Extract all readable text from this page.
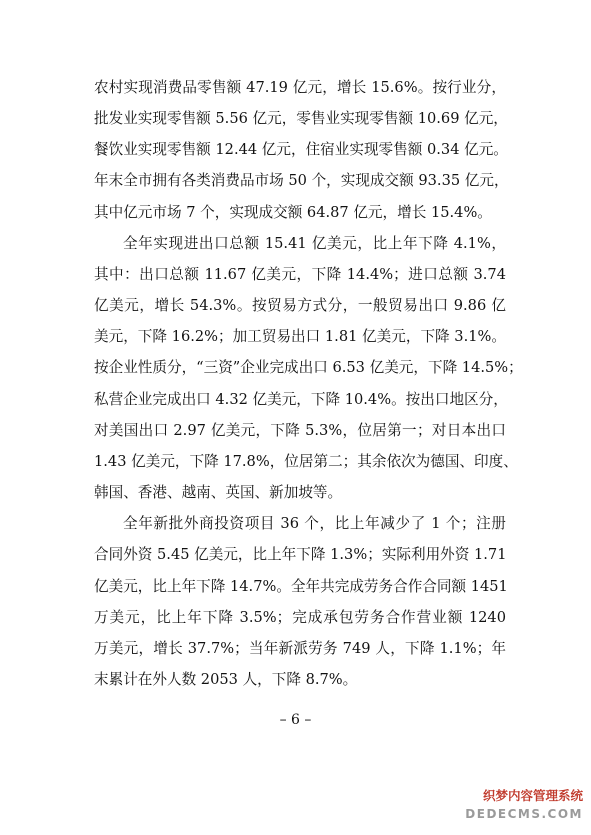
农村实现消费品零售额 47.19 亿元，增长 15.6%。按行业分，
批发业实现零售额 5.56 亿元，零售业实现零售额 10.69 亿元，
餐饮业实现零售额 12.44 亿元，住宿业实现零售额 0.34 亿元。
年末全市拥有各类消费品市场 50 个，实现成交额 93.35 亿元，
其中亿元市场 7 个，实现成交额 64.87 亿元，增长 15.4%。
全年实现进出口总额 15.41 亿美元，比上年下降 4.1%，
其中：出口总额 11.67 亿美元，下降 14.4%；进口总额 3.74
亿美元，增长 54.3%。按贸易方式分，一般贸易出口 9.86 亿
美元，下降 16.2%；加工贸易出口 1.81 亿美元，下降 3.1%。
按企业性质分，“三资”企业完成出口 6.53 亿美元，下降 14.5%；
私营企业完成出口 4.32 亿美元，下降 10.4%。按出口地区分，
对美国出口 2.97 亿美元，下降 5.3%，位居第一；对日本出口
1.43 亿美元，下降 17.8%，位居第二；其余依次为德国、印度、
韩国、香港、越南、英国、新加坡等。
全年新批外商投资项目 36 个，比上年减少了 1 个；注册
合同外资 5.45 亿美元，比上年下降 1.3%；实际利用外资 1.71
亿美元，比上年下降 14.7%。全年共完成劳务合作合同额 1451
万美元，比上年下降 3.5%；完成承包劳务合作营业额 1240
万美元，增长 37.7%；当年新派劳务 749 人，下降 1.1%；年
末累计在外人数 2053 人，下降 8.7%。
– 6 –
织梦内容管理系统
DEDECMS.COM
